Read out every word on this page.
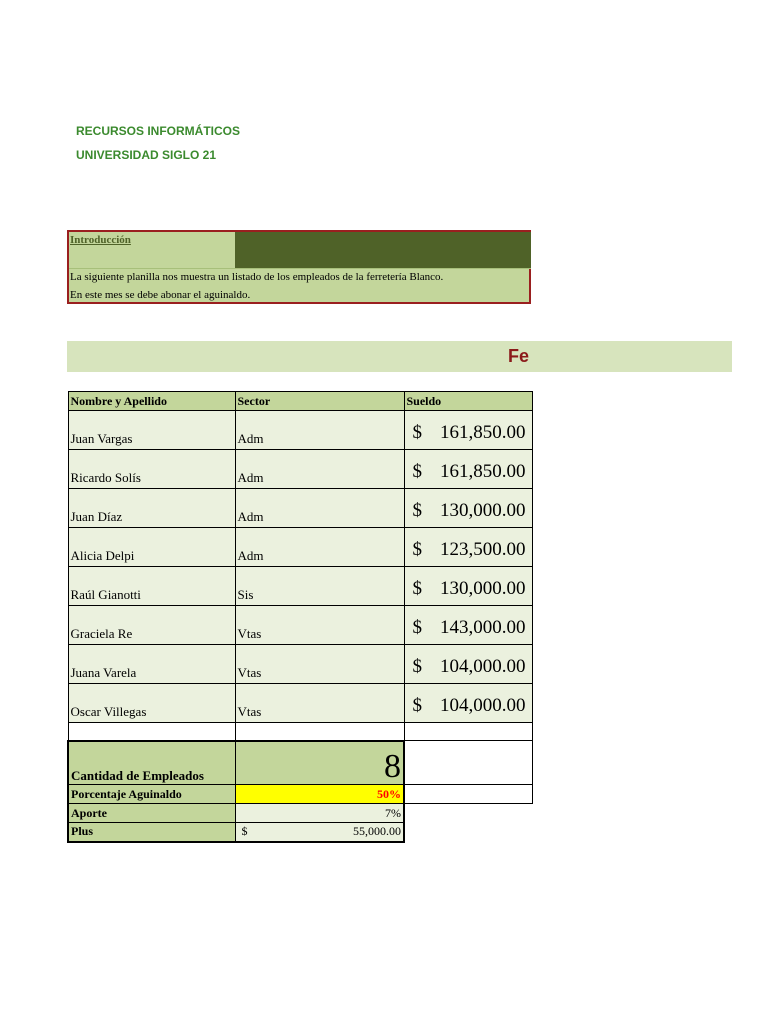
RECURSOS INFORMÁTICOS
UNIVERSIDAD SIGLO 21
Introducción
La siguiente planilla nos muestra un listado de los empleados de la ferretería Blanco.
En este mes se debe abonar el aguinaldo.
Fe
Nombre y Apellido	Sector	Sueldo
Juan Vargas	Adm	$ 161,850.00

Ricardo Solís	Adm	$ 161,850.00

Juan Díaz	Adm	$ 130,000.00

Alicia Delpi	Adm	$ 123,500.00

Raúl Gianotti	Sis	$ 130,000.00

Graciela Re	Vtas	$ 143,000.00

Juana Varela	Vtas	$ 104,000.00

Oscar Villegas	Vtas	$ 104,000.00

Cantidad de Empleados	8	
Porcentaje Aguinaldo	50%	
Aporte	7%	
Plus	$ 55,000.00	
